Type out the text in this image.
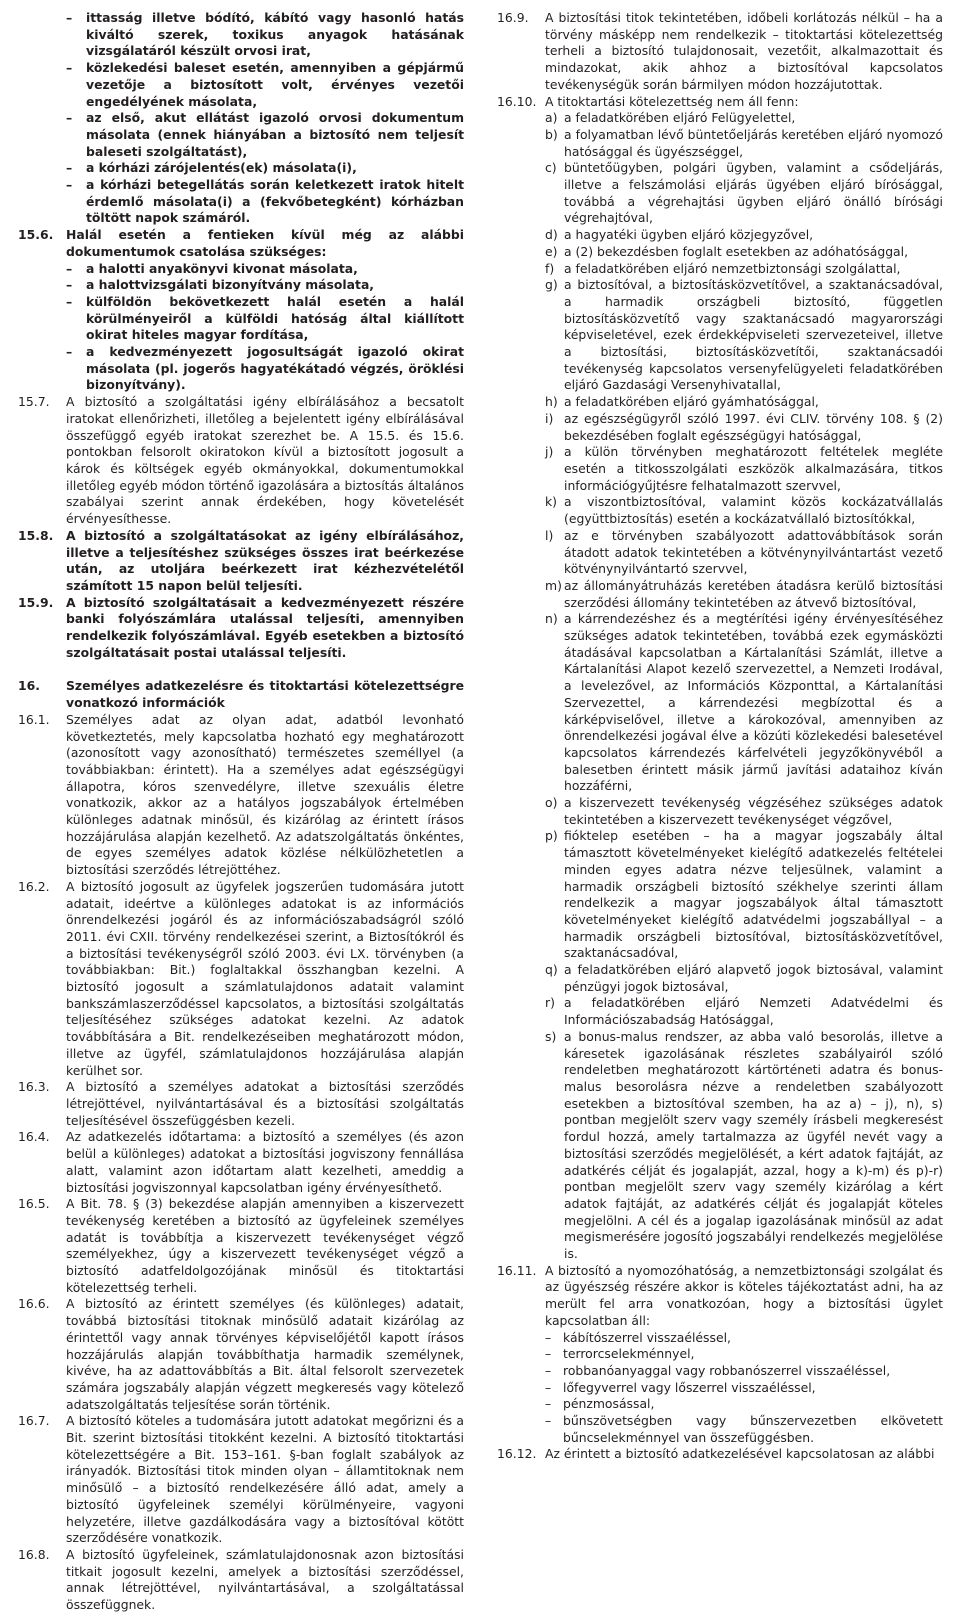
– ittasság illetve bódító, kábító vagy hasonló hatás kiváltó szerek, toxikus anyagok hatásának vizsgálatáról készült orvosi irat,
– közlekedési baleset esetén, amennyiben a gépjármű vezetője a biztosított volt, érvényes vezetői engedélyének másolata,
– az első, akut ellátást igazoló orvosi dokumentum másolata (ennek hiányában a biztosító nem teljesít baleseti szolgáltatást),
– a kórházi zárójelentés(ek) másolata(i),
– a kórházi betegellátás során keletkezett iratok hitelt érdemlő másolata(i) a (fekvőbetegként) kórházban töltött napok számáról.
15.6. Halál esetén a fentieken kívül még az alábbi dokumentumok csatolása szükséges:
– a halotti anyakönyvi kivonat másolata,
– a halottvizsgálati bizonyítvány másolata,
– külföldön bekövetkezett halál esetén a halál körülményeiről a külföldi hatóság által kiállított okirat hiteles magyar fordítása,
– a kedvezményezett jogosultságát igazoló okirat másolata (pl. jogerős hagyatékátadó végzés, öröklési bizonyítvány).
15.7. A biztosító a szolgáltatási igény elbírálásához a becsatolt iratokat ellenőrizheti, illetőleg a bejelentett igény elbírálásával összefüggő egyéb iratokat szerezhet be. A 15.5. és 15.6. pontokban felsorolt okiratokon kívül a biztosított jogosult a károk és költségek egyéb okmányokkal, dokumentumokkal illetőleg egyéb módon történő igazolására a biztosítás általános szabályai szerint annak érdekében, hogy követelését érvényesíthesse.
15.8. A biztosító a szolgáltatásokat az igény elbírálásához, illetve a teljesítéshez szükséges összes irat beérkezése után, az utoljára beérkezett irat kézhezvételétől számított 15 napon belül teljesíti.
15.9. A biztosító szolgáltatásait a kedvezményezett részére banki folyószámlára utalással teljesíti, amennyiben rendelkezik folyószámlával. Egyéb esetekben a biztosító szolgáltatásait postai utalással teljesíti.
16. Személyes adatkezelésre és titoktartási kötelezettségre vonatkozó információk
16.1. Személyes adat az olyan adat, adatból levonható következtetés, mely kapcsolatba hozható egy meghatározott (azonosított vagy azonosítható) természetes személlyel (a továbbiakban: érintett). Ha a személyes adat egészségügyi állapotra, kóros szenvedélyre, illetve szexuális életre vonatkozik, akkor az a hatályos jogszabályok értelmében különleges adatnak minősül, és kizárólag az érintett írásos hozzájárulása alapján kezelhető. Az adatszolgáltatás önkéntes, de egyes személyes adatok közlése nélkülözhetetlen a biztosítási szerződés létrejöttéhez.
16.2. A biztosító jogosult az ügyfelek jogszerűen tudomására jutott adatait, ideértve a különleges adatokat is az információs önrendelkezési jogáról és az információszabadságról szóló 2011. évi CXII. törvény rendelkezései szerint, a Biztosítókról és a biztosítási tevékenységről szóló 2003. évi LX. törvényben (a továbbiakban: Bit.) foglaltakkal összhangban kezelni. A biztosító jogosult a számlatulajdonos adatait valamint bankszámlaszerződéssel kapcsolatos, a biztosítási szolgáltatás teljesítéséhez szükséges adatokat kezelni. Az adatok továbbítására a Bit. rendelkezéseiben meghatározott módon, illetve az ügyfél, számlatulajdonos hozzájárulása alapján kerülhet sor.
16.3. A biztosító a személyes adatokat a biztosítási szerződés létrejöttével, nyilvántartásával és a biztosítási szolgáltatás teljesítésével összefüggésben kezeli.
16.4. Az adatkezelés időtartama: a biztosító a személyes (és azon belül a különleges) adatokat a biztosítási jogviszony fennállása alatt, valamint azon időtartam alatt kezelheti, ameddig a biztosítási jogviszonnyal kapcsolatban igény érvényesíthető.
16.5. A Bit. 78. § (3) bekezdése alapján amennyiben a kiszervezett tevékenység keretében a biztosító az ügyfeleinek személyes adatát is továbbítja a kiszervezett tevékenységet végző személyekhez, úgy a kiszervezett tevékenységet végző a biztosító adatfeldolgozójának minősül és titoktartási kötelezettség terheli.
16.6. A biztosító az érintett személyes (és különleges) adatait, továbbá biztosítási titoknak minősülő adatait kizárólag az érintettől vagy annak törvényes képviselőjétől kapott írásos hozzájárulás alapján továbbíthatja harmadik személynek, kivéve, ha az adattovábbítás a Bit. által felsorolt szervezetek számára jogszabály alapján végzett megkeresés vagy kötelező adatszolgáltatás teljesítése során történik.
16.7. A biztosító köteles a tudomására jutott adatokat megőrizni és a Bit. szerint biztosítási titokként kezelni. A biztosító titoktartási kötelezettségére a Bit. 153–161. §-ban foglalt szabályok az irányadók. Biztosítási titok minden olyan – államtitoknak nem minősülő – a biztosító rendelkezésére álló adat, amely a biztosító ügyfeleinek személyi körülményeire, vagyoni helyzetére, illetve gazdálkodására vagy a biztosítóval kötött szerződésére vonatkozik.
16.8. A biztosító ügyfeleinek, számlatulajdonosnak azon biztosítási titkait jogosult kezelni, amelyek a biztosítási szerződéssel, annak létrejöttével, nyilvántartásával, a szolgáltatással összefüggnek.
16.9. A biztosítási titok tekintetében, időbeli korlátozás nélkül – ha a törvény másképp nem rendelkezik – titoktartási kötelezettség terheli a biztosító tulajdonosait, vezetőit, alkalmazottait és mindazokat, akik ahhoz a biztosítóval kapcsolatos tevékenységük során bármilyen módon hozzájutottak.
16.10. A titoktartási kötelezettség nem áll fenn:
a) a feladatkörében eljáró Felügyelettel,
b) a folyamatban lévő büntetőeljárás keretében eljáró nyomozó hatósággal és ügyészséggel,
c) büntetőügyben, polgári ügyben, valamint a csődeljárás, illetve a felszámolási eljárás ügyében eljáró bírósággal, továbbá a végrehajtási ügyben eljáró önálló bírósági végrehajtóval,
d) a hagyatéki ügyben eljáró közjegyzővel,
e) a (2) bekezdésben foglalt esetekben az adóhatósággal,
f) a feladatkörében eljáró nemzetbiztonsági szolgálattal,
g) a biztosítóval, a biztosításközvetítővel, a szaktanácsadóval, a harmadik országbeli biztosító, független biztosításközvetítő vagy szaktanácsadó magyarországi képviseletével, ezek érdekképviseleti szervezeteivel, illetve a biztosítási, biztosításközvetítői, szaktanácsadói tevékenység kapcsolatos versenyfelügyeleti feladatkörében eljáró Gazdasági Versenyhivatallal,
h) a feladatkörében eljáró gyámhatósággal,
i) az egészségügyről szóló 1997. évi CLIV. törvény 108. § (2) bekezdésében foglalt egészségügyi hatósággal,
j) a külön törvényben meghatározott feltételek megléte esetén a titkosszolgálati eszközök alkalmazására, titkos információgyűjtésre felhatalmazott szervvel,
k) a viszontbiztosítóval, valamint közös kockázatvállalás (együttbiztosítás) esetén a kockázatvállaló biztosítókkal,
l) az e törvényben szabályozott adattovábbítások során átadott adatok tekintetében a kötvénynyilvántartást vezető kötvénynyilvántartó szervvel,
m) az állományátruházás keretében átadásra kerülő biztosítási szerződési állomány tekintetében az átvevő biztosítóval,
n) a kárrendezéshez és a megtérítési igény érvényesítéséhez szükséges adatok tekintetében, továbbá ezek egymásközti átadásával kapcsolatban a Kártalanítási Számlát, illetve a Kártalanítási Alapot kezelő szervezettel, a Nemzeti Irodával, a levelezővel, az Információs Központtal, a Kártalanítási Szervezettel, a kárrendezési megbízottal és a kárképviselővel, illetve a károkozóval, amennyiben az önrendelkezési jogával élve a közúti közlekedési balesetével kapcsolatos kárrendezés kárfelvételi jegyzőkönyvéből a balesetben érintett másik jármű javítási adataihoz kíván hozzáférni,
o) a kiszervezett tevékenység végzéséhez szükséges adatok tekintetében a kiszervezett tevékenységet végzővel,
p) fióktelep esetében – ha a magyar jogszabály által támasztott követelményeket kielégítő adatkezelés feltételei minden egyes adatra nézve teljesülnek, valamint a harmadik országbeli biztosító székhelye szerinti állam rendelkezik a magyar jogszabályok által támasztott követelményeket kielégítő adatvédelmi jogszabállyal – a harmadik országbeli biztosítóval, biztosításközvetítővel, szaktanácsadóval,
q) a feladatkörében eljáró alapvető jogok biztosával, valamint pénzügyi jogok biztosával,
r) a feladatkörében eljáró Nemzeti Adatvédelmi és Információszabadság Hatósággal,
s) a bonus-malus rendszer, az abba való besorolás, illetve a káresetek igazolásának részletes szabályairól szóló rendeletben meghatározott kártörténeti adatra és bonus-malus besorolásra nézve a rendeletben szabályozott esetekben a biztosítóval szemben, ha az a) – j), n), s) pontban megjelölt szerv vagy személy írásbeli megkeresést fordul hozzá, amely tartalmazza az ügyfél nevét vagy a biztosítási szerződés megjelölését, a kért adatok fajtáját, az adatkérés célját és jogalapját, azzal, hogy a k)-m) és p)-r) pontban megjelölt szerv vagy személy kizárólag a kért adatok fajtáját, az adatkérés célját és jogalapját köteles megjelölni. A cél és a jogalap igazolásának minősül az adat megismerésére jogosító jogszabályi rendelkezés megjelölése is.
16.11. A biztosító a nyomozóhatóság, a nemzetbiztonsági szolgálat és az ügyészség részére akkor is köteles tájékoztatást adni, ha az merült fel arra vonatkozóan, hogy a biztosítási ügylet kapcsolatban áll:
– kábítószerrel visszaéléssel,
– terrorcselekménnyel,
– robbanóanyaggal vagy robbanószerrel visszaéléssel,
– lőfegyverrel vagy lőszerrel visszaéléssel,
– pénzmosással,
– bűnszövetségben vagy bűnszervezetben elkövetett bűncselekménnyel van összefüggésben.
16.12. Az érintett a biztosító adatkezelésével kapcsolatosan az alábbi
